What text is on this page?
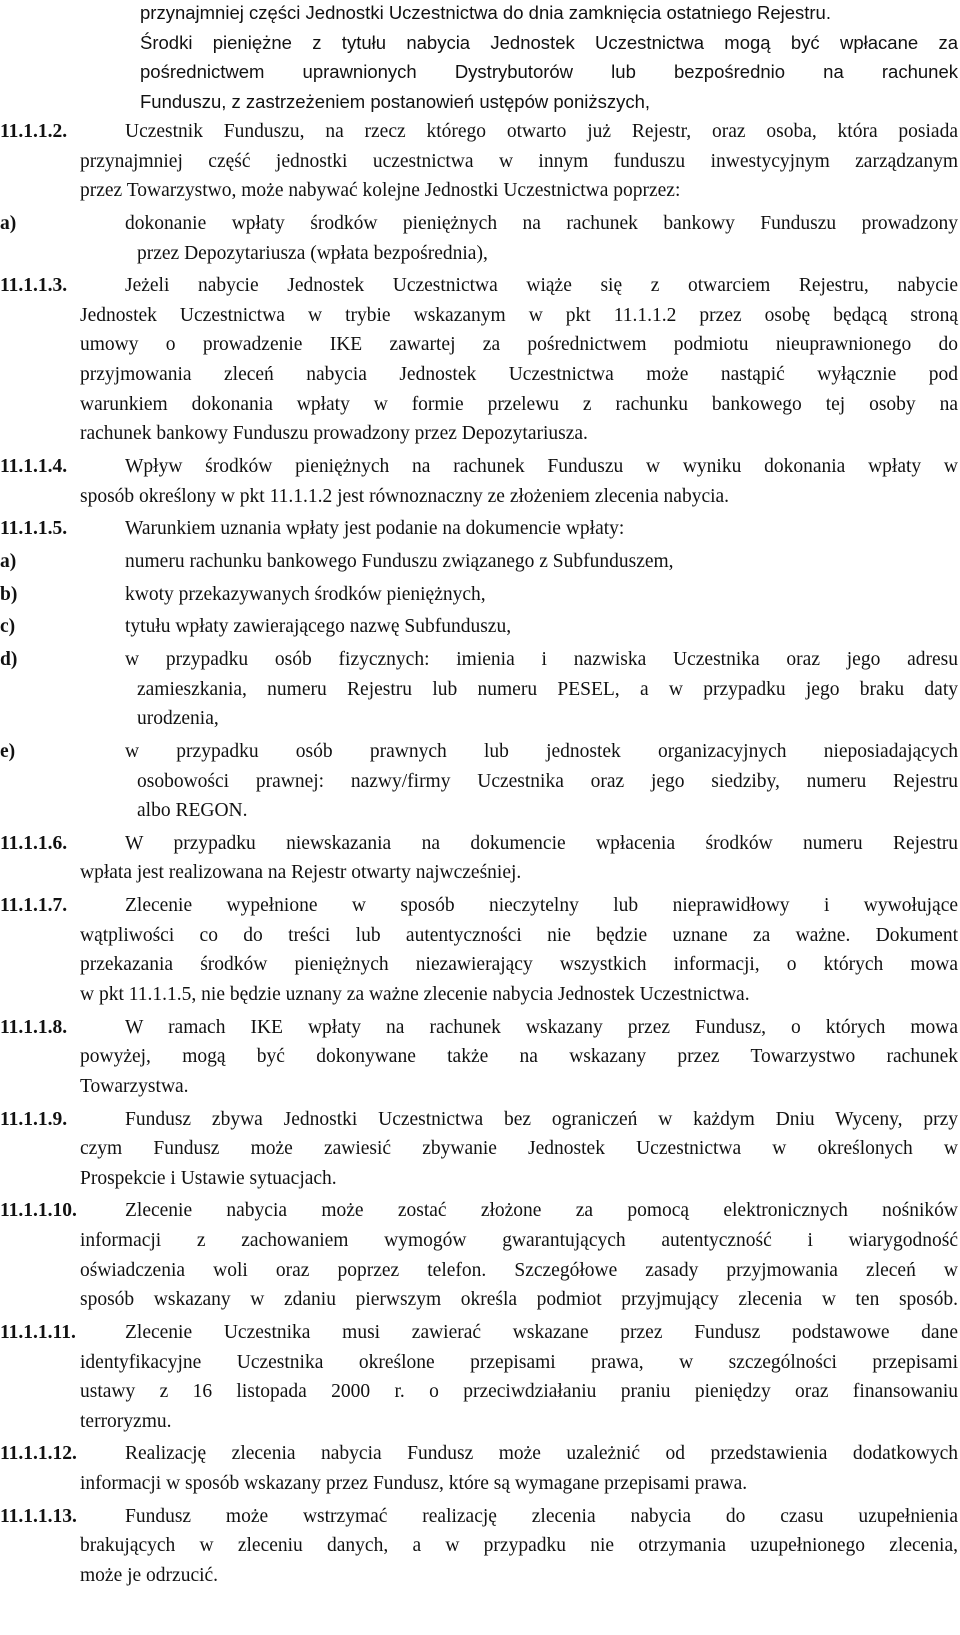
przynajmniej części Jednostki Uczestnictwa do dnia zamknięcia ostatniego Rejestru.
Środki pieniężne z tytułu nabycia Jednostek Uczestnictwa mogą być wpłacane za
pośrednictwem uprawnionych Dystrybutorów lub bezpośrednio na rachunek
Funduszu, z zastrzeżeniem postanowień ustępów poniższych,
11.1.1.2.	Uczestnik Funduszu, na rzecz którego otwarto już Rejestr, oraz osoba, która posiada
przynajmniej część jednostki uczestnictwa w innym funduszu inwestycyjnym zarządzanym
przez Towarzystwo, może nabywać kolejne Jednostki Uczestnictwa poprzez:
a)	dokonanie wpłaty środków pieniężnych na rachunek bankowy Funduszu prowadzony
przez Depozytariusza (wpłata bezpośrednia),
11.1.1.3.	Jeżeli nabycie Jednostek Uczestnictwa wiąże się z otwarciem Rejestru, nabycie
Jednostek Uczestnictwa w trybie wskazanym w pkt 11.1.1.2 przez osobę będącą stroną
umowy o prowadzenie IKE zawartej za pośrednictwem podmiotu nieuprawnionego do
przyjmowania zleceń nabycia Jednostek Uczestnictwa może nastąpić wyłącznie pod
warunkiem dokonania wpłaty w formie przelewu z rachunku bankowego tej osoby na
rachunek bankowy Funduszu prowadzony przez Depozytariusza.
11.1.1.4.	Wpływ środków pieniężnych na rachunek Funduszu w wyniku dokonania wpłaty w
sposób określony w pkt 11.1.1.2 jest równoznaczny ze złożeniem zlecenia nabycia.
11.1.1.5.	Warunkiem uznania wpłaty jest podanie na dokumencie wpłaty:
a)	numeru rachunku bankowego Funduszu związanego z Subfunduszem,
b)	kwoty przekazywanych środków pieniężnych,
c)	tytułu wpłaty zawierającego nazwę Subfunduszu,
d)	w przypadku osób fizycznych: imienia i nazwiska Uczestnika oraz jego adresu
zamieszkania, numeru Rejestru lub numeru PESEL, a w przypadku jego braku daty
urodzenia,
e)	w przypadku osób prawnych lub jednostek organizacyjnych nieposiadających
osobowości prawnej: nazwy/firmy Uczestnika oraz jego siedziby, numeru Rejestru
albo REGON.
11.1.1.6.	W przypadku niewskazania na dokumencie wpłacenia środków numeru Rejestru
wpłata jest realizowana na Rejestr otwarty najwcześniej.
11.1.1.7.	Zlecenie wypełnione w sposób nieczytelny lub nieprawidłowy i wywołujące
wątpliwości co do treści lub autentyczności nie będzie uznane za ważne. Dokument
przekazania środków pieniężnych niezawierający wszystkich informacji, o których mowa
w pkt 11.1.1.5, nie będzie uznany za ważne zlecenie nabycia Jednostek Uczestnictwa.
11.1.1.8.	W ramach IKE wpłaty na rachunek wskazany przez Fundusz, o których mowa
powyżej, mogą być dokonywane także na wskazany przez Towarzystwo rachunek
Towarzystwa.
11.1.1.9.	Fundusz zbywa Jednostki Uczestnictwa bez ograniczeń w każdym Dniu Wyceny, przy
czym Fundusz może zawiesić zbywanie Jednostek Uczestnictwa w określonych w
Prospekcie i Ustawie sytuacjach.
11.1.1.10. Zlecenie nabycia może zostać złożone za pomocą elektronicznych nośników
informacji z zachowaniem wymogów gwarantujących autentyczność i wiarygodność
oświadczenia woli oraz poprzez telefon. Szczegółowe zasady przyjmowania zleceń w
sposób wskazany w zdaniu pierwszym określa podmiot przyjmujący zlecenia w ten sposób.
11.1.1.11.	Zlecenie Uczestnika musi zawierać wskazane przez Fundusz podstawowe dane
identyfikacyjne Uczestnika określone przepisami prawa, w szczególności przepisami
ustawy z 16 listopada 2000 r. o przeciwdziałaniu praniu pieniędzy oraz finansowaniu
terroryzmu.
11.1.1.12. Realizację zlecenia nabycia Fundusz może uzależnić od przedstawienia dodatkowych
informacji w sposób wskazany przez Fundusz, które są wymagane przepisami prawa.
11.1.1.13. Fundusz może wstrzymać realizację zlecenia nabycia do czasu uzupełnienia
brakujących w zleceniu danych, a w przypadku nie otrzymania uzupełnionego zlecenia,
może je odrzucić.
